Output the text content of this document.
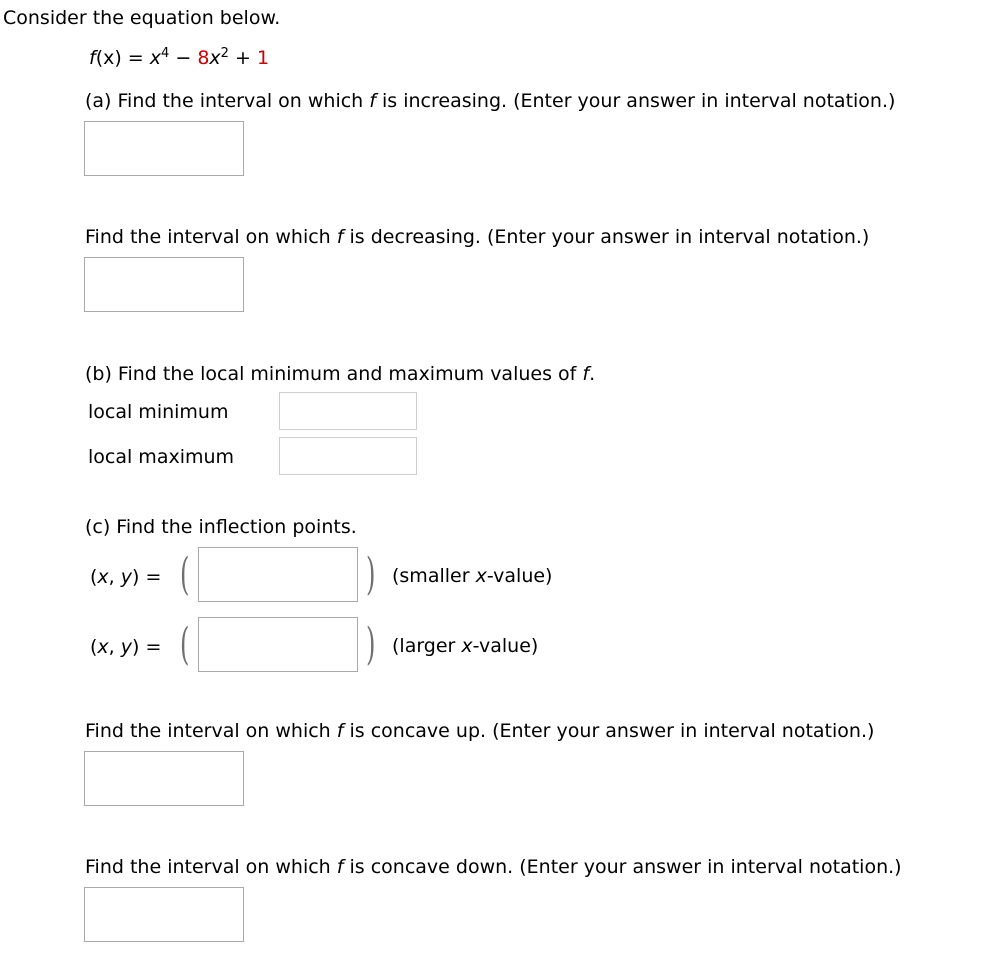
Consider the equation below.
$f(x) = x^4 - 8x^2 + 1$
(a) Find the interval on which f is increasing. (Enter your answer in interval notation.)
Find the interval on which f is decreasing. (Enter your answer in interval notation.)
(b) Find the local minimum and maximum values of f.
local minimum
local maximum
(c) Find the inflection points.
(x, y) = (	) (smaller x-value)
(x, y) = (	) (larger x-value)
Find the interval on which f is concave up. (Enter your answer in interval notation.)
Find the interval on which f is concave down. (Enter your answer in interval notation.)
